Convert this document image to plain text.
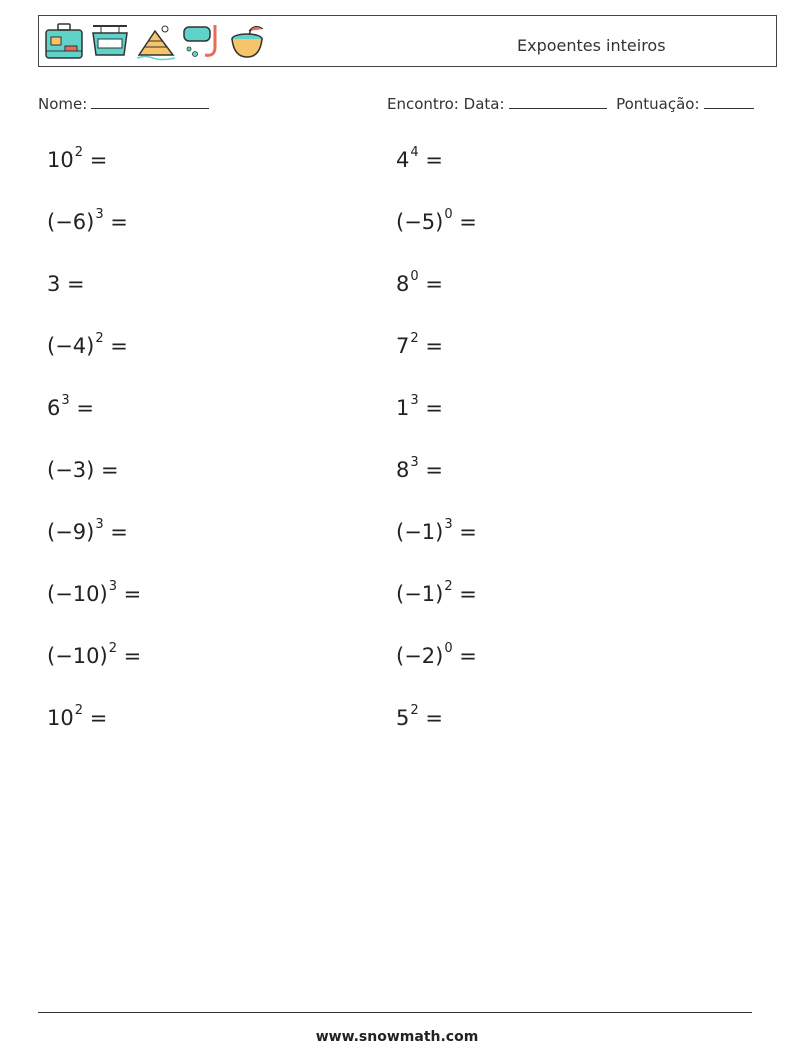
Expoentes inteiros
Nome:	Encontro: Data:	Pontuação:
$10^2$ =
$(-6)^3$ =
3 =
$(-4)^2$ =
$6^3$ =
(−3) =
$(-9)^3$ =
$(-10)^3$ =
$(-10)^2$ =
$10^2$ =
$4^4$ =
$(-5)^0$ =
$8^0$ =
$7^2$ =
$1^3$ =
$8^3$ =
$(-1)^3$ =
$(-1)^2$ =
$(-2)^0$ =
$5^2$ =
www.snowmath.com
